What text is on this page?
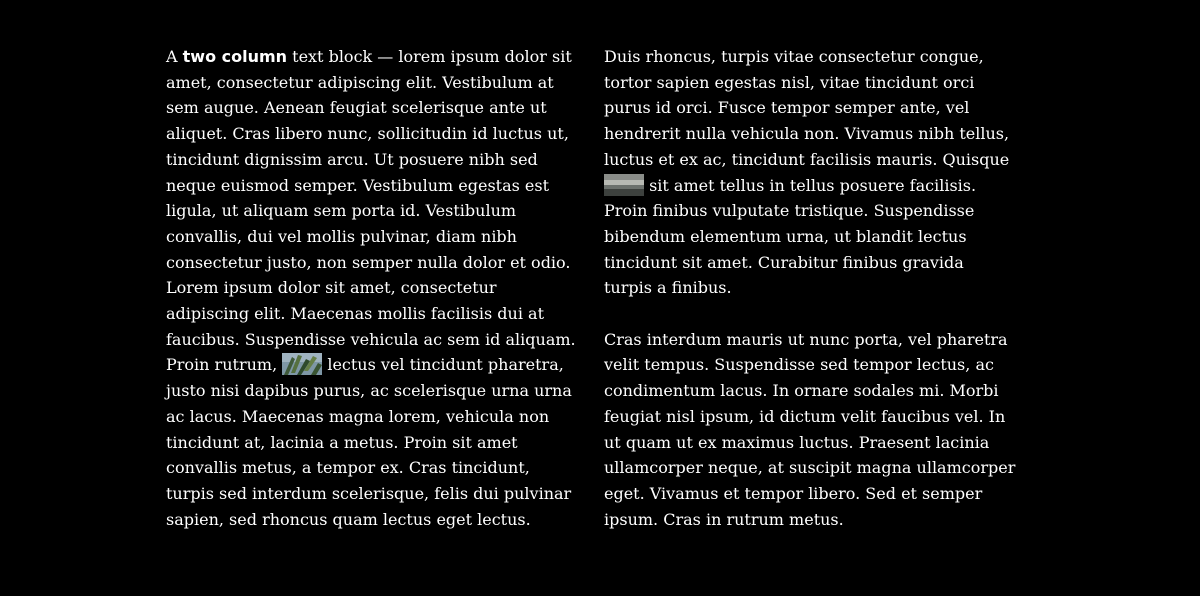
A two column text block — lorem ipsum dolor sit amet, consectetur adipiscing elit. Vestibulum at sem augue. Aenean feugiat scelerisque ante ut aliquet. Cras libero nunc, sollicitudin id luctus ut, tincidunt dignissim arcu. Ut posuere nibh sed neque euismod semper. Vestibulum egestas est ligula, ut aliquam sem porta id. Vestibulum convallis, dui vel mollis pulvinar, diam nibh consectetur justo, non semper nulla dolor et odio. Lorem ipsum dolor sit amet, consectetur adipiscing elit. Maecenas mollis facilisis dui at faucibus. Suspendisse vehicula ac sem id aliquam. Proin rutrum,	lectus vel tincidunt pharetra, justo nisi dapibus purus, ac scelerisque urna urna ac lacus. Maecenas magna lorem, vehicula non tincidunt at, lacinia a metus. Proin sit amet convallis metus, a tempor ex. Cras tincidunt, turpis sed interdum scelerisque, felis dui pulvinar sapien, sed rhoncus quam lectus eget lectus.

Duis rhoncus, turpis vitae consectetur congue, tortor sapien egestas nisl, vitae tincidunt orci purus id orci. Fusce tempor semper ante, vel hendrerit nulla vehicula non. Vivamus nibh tellus, luctus et ex ac, tincidunt facilisis mauris. Quisque
sit amet tellus in tellus posuere facilisis. Proin finibus vulputate tristique. Suspendisse bibendum elementum urna, ut blandit lectus tincidunt sit amet. Curabitur finibus gravida turpis a finibus.

Cras interdum mauris ut nunc porta, vel pharetra velit tempus. Suspendisse sed tempor lectus, ac condimentum lacus. In ornare sodales mi. Morbi feugiat nisl ipsum, id dictum velit faucibus vel. In ut quam ut ex maximus luctus. Praesent lacinia ullamcorper neque, at suscipit magna ullamcorper eget. Vivamus et tempor libero. Sed et semper ipsum. Cras in rutrum metus.
